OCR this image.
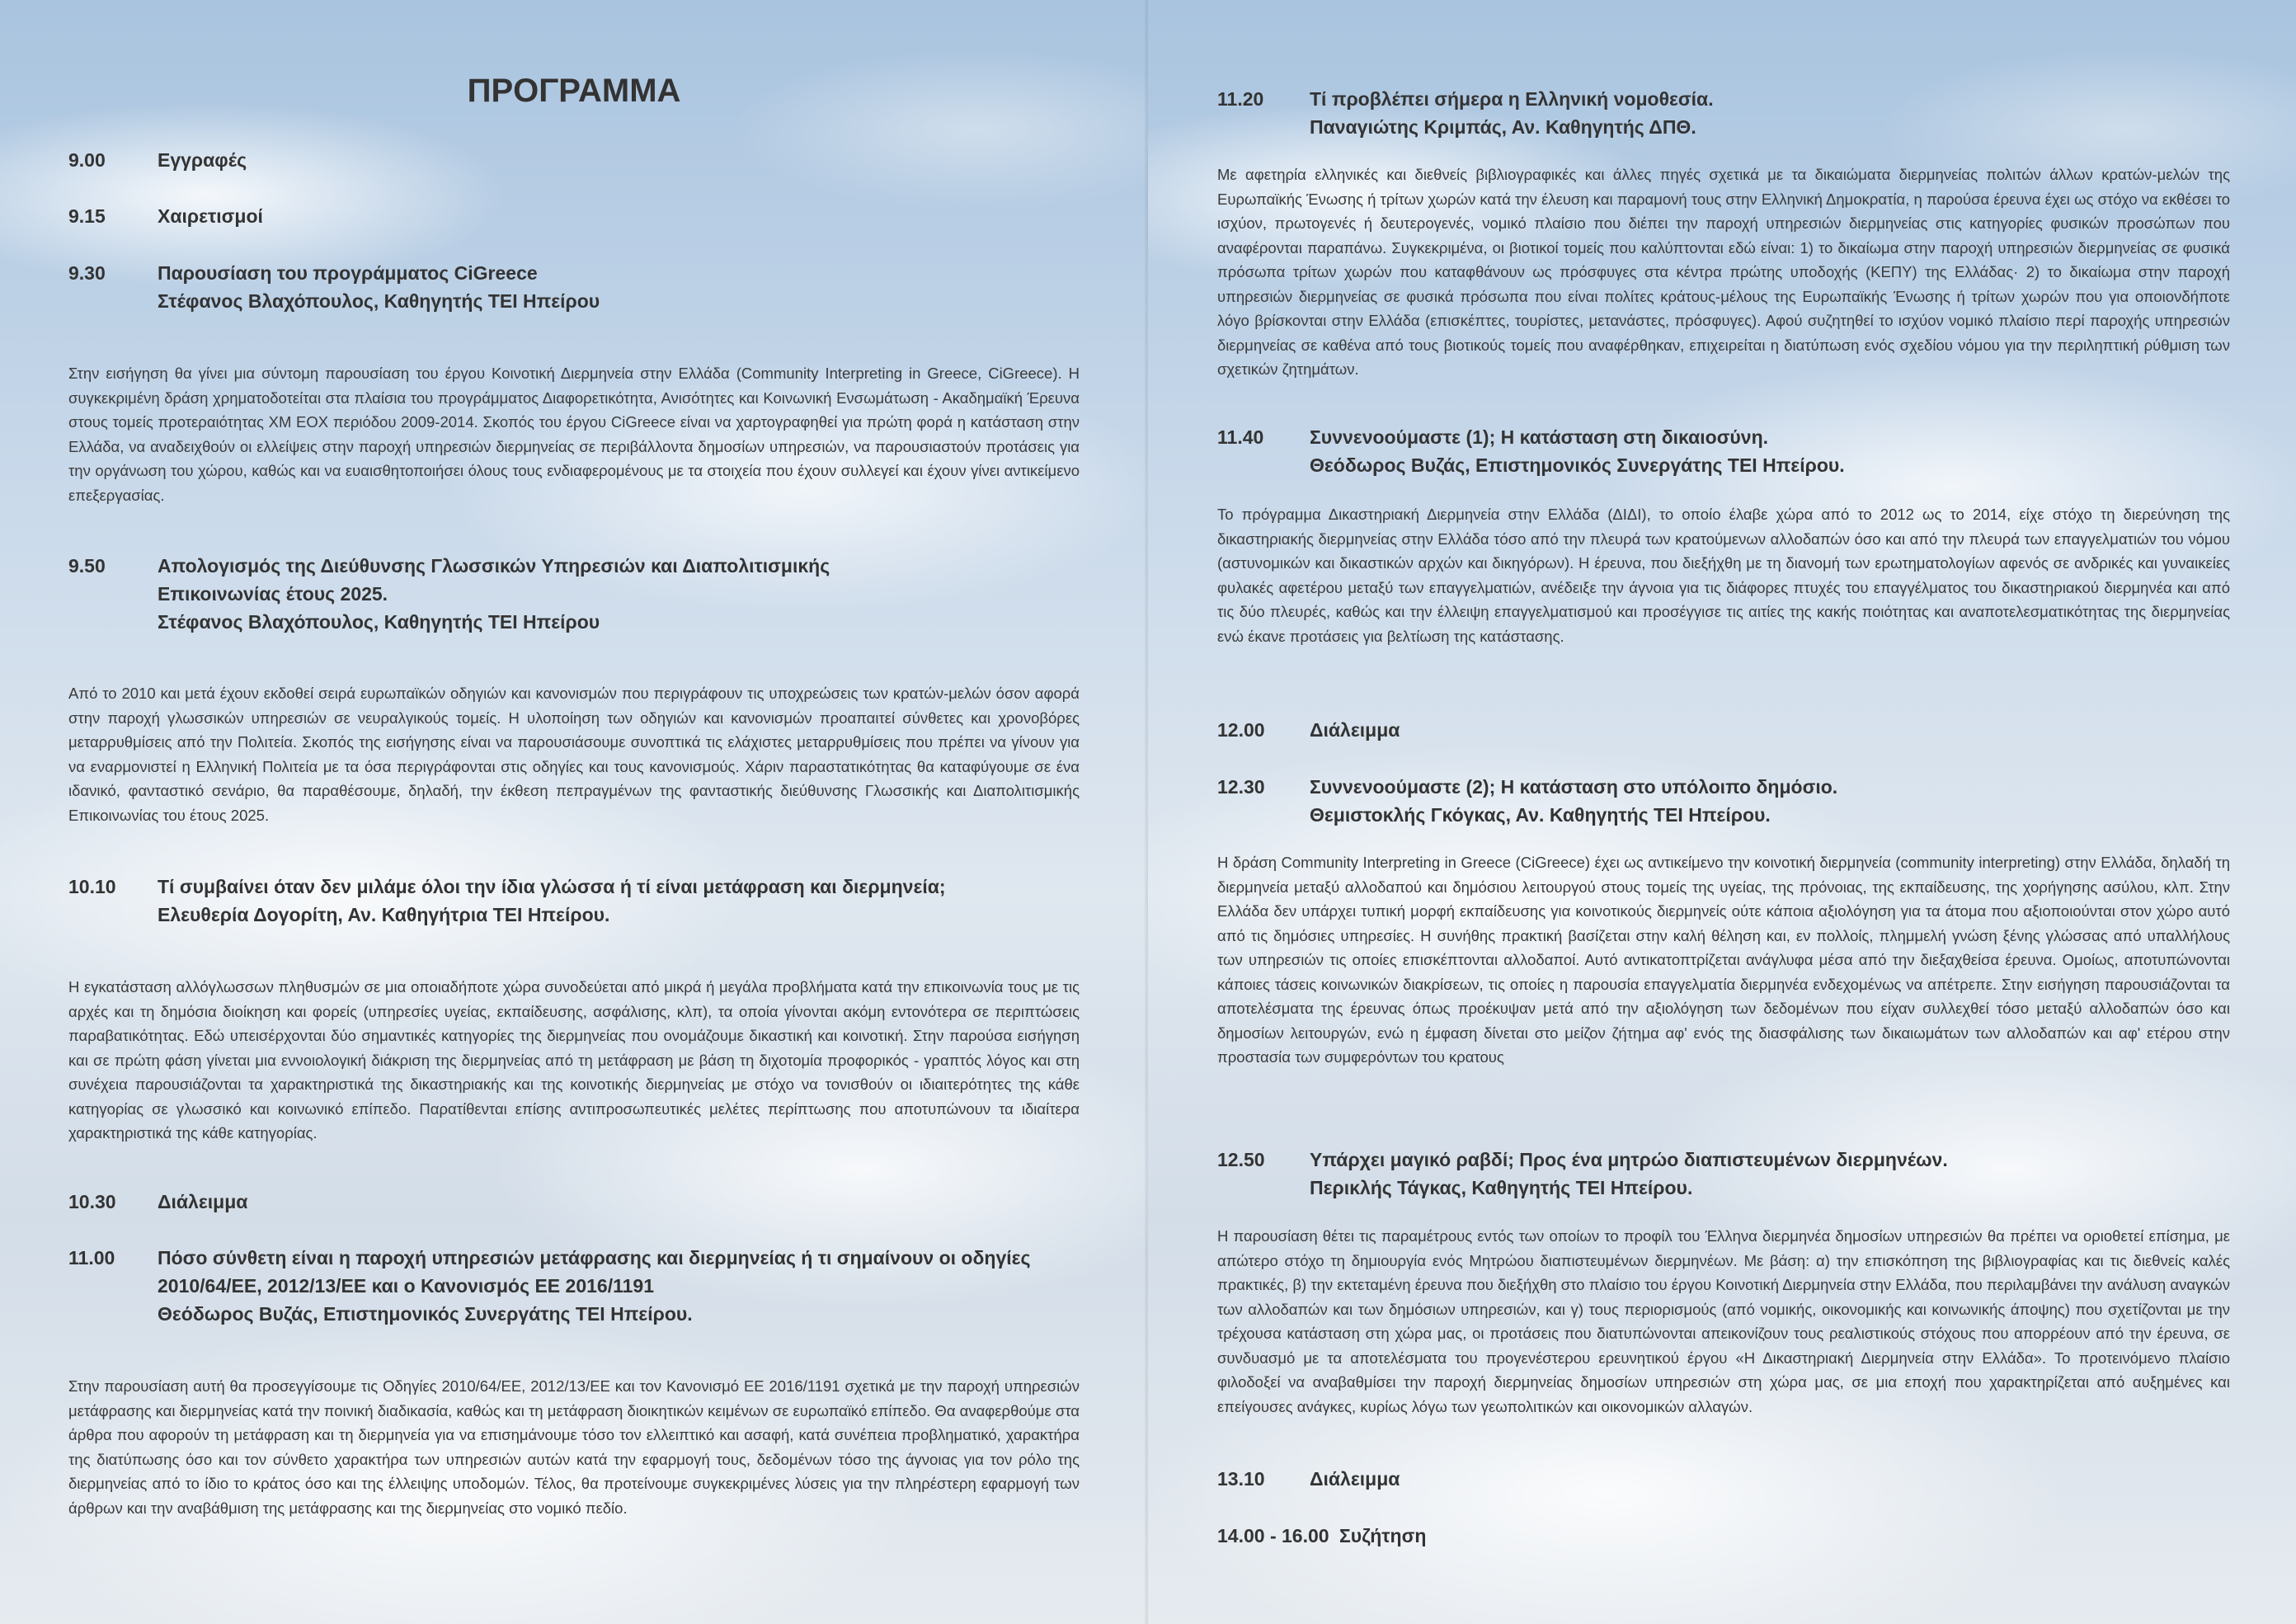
ΠΡΟΓΡΑΜΜΑ
9.00	Εγγραφές
9.15	Χαιρετισμοί
9.30	Παρουσίαση του προγράμματος CiGreece
Στέφανος Βλαχόπουλος, Καθηγητής ΤΕΙ Ηπείρου
Στην εισήγηση θα γίνει μια σύντομη παρουσίαση του έργου Κοινοτική Διερμηνεία στην Ελλάδα (Community Interpreting in Greece, CiGreece). Η συγκεκριμένη δράση χρηματοδοτείται στα πλαίσια του προγράμματος Διαφορετικότητα, Ανισότητες και Κοινωνική Ενσωμάτωση - Ακαδημαϊκή Έρευνα στους τομείς προτεραιότητας ΧΜ ΕΟΧ περιόδου 2009-2014. Σκοπός του έργου CiGreece είναι να χαρτογραφηθεί για πρώτη φορά η κατάσταση στην Ελλάδα, να αναδειχθούν οι ελλείψεις στην παροχή υπηρεσιών διερμηνείας σε περιβάλλοντα δημοσίων υπηρεσιών, να παρουσιαστούν προτάσεις για την οργάνωση του χώρου, καθώς και να ευαισθητοποιήσει όλους τους ενδιαφερομένους με τα στοιχεία που έχουν συλλεγεί και έχουν γίνει αντικείμενο επεξεργασίας.
9.50	Απολογισμός της Διεύθυνσης Γλωσσικών Υπηρεσιών και Διαπολιτισμικής
Επικοινωνίας έτους 2025.
Στέφανος Βλαχόπουλος, Καθηγητής ΤΕΙ Ηπείρου
Από το 2010 και μετά έχουν εκδοθεί σειρά ευρωπαϊκών οδηγιών και κανονισμών που περιγράφουν τις υποχρεώσεις των κρατών-μελών όσον αφορά στην παροχή γλωσσικών υπηρεσιών σε νευραλγικούς τομείς. Η υλοποίηση των οδηγιών και κανονισμών προαπαιτεί σύνθετες και χρονοβόρες μεταρρυθμίσεις από την Πολιτεία. Σκοπός της εισήγησης είναι να παρουσιάσουμε συνοπτικά τις ελάχιστες μεταρρυθμίσεις που πρέπει να γίνουν για να εναρμονιστεί η Ελληνική Πολιτεία με τα όσα περιγράφονται στις οδηγίες και τους κανονισμούς. Χάριν παραστατικότητας θα καταφύγουμε σε ένα ιδανικό, φανταστικό σενάριο, θα παραθέσουμε, δηλαδή, την έκθεση πεπραγμένων της φανταστικής διεύθυνσης Γλωσσικής και Διαπολιτισμικής Επικοινωνίας του έτους 2025.
10.10 Τί συμβαίνει όταν δεν μιλάμε όλοι την ίδια γλώσσα ή τί είναι μετάφραση και διερμηνεία;
Ελευθερία Δογορίτη, Αν. Καθηγήτρια ΤΕΙ Ηπείρου.
Η εγκατάσταση αλλόγλωσσων πληθυσμών σε μια οποιαδήποτε χώρα συνοδεύεται από μικρά ή μεγάλα προβλήματα κατά την επικοινωνία τους με τις αρχές και τη δημόσια διοίκηση και φορείς (υπηρεσίες υγείας, εκπαίδευσης, ασφάλισης, κλπ), τα οποία γίνονται ακόμη εντονότερα σε περιπτώσεις παραβατικότητας. Εδώ υπεισέρχονται δύο σημαντικές κατηγορίες της διερμηνείας που ονομάζουμε δικαστική και κοινοτική. Στην παρούσα εισήγηση και σε πρώτη φάση γίνεται μια εννοιολογική διάκριση της διερμηνείας από τη μετάφραση με βάση τη διχοτομία προφορικός - γραπτός λόγος και στη συνέχεια παρουσιάζονται τα χαρακτηριστικά της δικαστηριακής και της κοινοτικής διερμηνείας με στόχο να τονισθούν οι ιδιαιτερότητες της κάθε κατηγορίας σε γλωσσικό και κοινωνικό επίπεδο. Παρατίθενται επίσης αντιπροσωπευτικές μελέτες περίπτωσης που αποτυπώνουν τα ιδιαίτερα χαρακτηριστικά της κάθε κατηγορίας.
10.30 Διάλειμμα
11.00 Πόσο σύνθετη είναι η παροχή υπηρεσιών μετάφρασης και διερμηνείας ή τι σημαίνουν οι οδηγίες
2010/64/ΕΕ, 2012/13/ΕΕ και ο Κανονισμός ΕΕ 2016/1191
Θεόδωρος Βυζάς, Επιστημονικός Συνεργάτης ΤΕΙ Ηπείρου.
Στην παρουσίαση αυτή θα προσεγγίσουμε τις Οδηγίες 2010/64/ΕΕ, 2012/13/ΕΕ και τον Κανονισμό ΕΕ 2016/1191 σχετικά με την παροχή υπηρεσιών μετάφρασης και διερμηνείας κατά την ποινική διαδικασία, καθώς και τη μετάφραση διοικητικών κειμένων σε ευρωπαϊκό επίπεδο. Θα αναφερθούμε στα άρθρα που αφορούν τη μετάφραση και τη διερμηνεία για να επισημάνουμε τόσο τον ελλειπτικό και ασαφή, κατά συνέπεια προβληματικό, χαρακτήρα της διατύπωσης όσο και τον σύνθετο χαρακτήρα των υπηρεσιών αυτών κατά την εφαρμογή τους, δεδομένων τόσο της άγνοιας για τον ρόλο της διερμηνείας από το ίδιο το κράτος όσο και της έλλειψης υποδομών. Τέλος, θα προτείνουμε συγκεκριμένες λύσεις για την πληρέστερη εφαρμογή των άρθρων και την αναβάθμιση της μετάφρασης και της διερμηνείας στο νομικό πεδίο.
11.20 Τί προβλέπει σήμερα η Ελληνική νομοθεσία.
Παναγιώτης Κριμπάς, Αν. Καθηγητής ΔΠΘ.
Με αφετηρία ελληνικές και διεθνείς βιβλιογραφικές και άλλες πηγές σχετικά με τα δικαιώματα διερμηνείας πολιτών άλλων κρατών-μελών της Ευρωπαϊκής Ένωσης ή τρίτων χωρών κατά την έλευση και παραμονή τους στην Ελληνική Δημοκρατία, η παρούσα έρευνα έχει ως στόχο να εκθέσει το ισχύον, πρωτογενές ή δευτερογενές, νομικό πλαίσιο που διέπει την παροχή υπηρεσιών διερμηνείας στις κατηγορίες φυσικών προσώπων που αναφέρονται παραπάνω. Συγκεκριμένα, οι βιοτικοί τομείς που καλύπτονται εδώ είναι: 1) το δικαίωμα στην παροχή υπηρεσιών διερμηνείας σε φυσικά πρόσωπα τρίτων χωρών που καταφθάνουν ως πρόσφυγες στα κέντρα πρώτης υποδοχής (ΚΕΠΥ) της Ελλάδας· 2) το δικαίωμα στην παροχή υπηρεσιών διερμηνείας σε φυσικά πρόσωπα που είναι πολίτες κράτους-μέλους της Ευρωπαϊκής Ένωσης ή τρίτων χωρών που για οποιονδήποτε λόγο βρίσκονται στην Ελλάδα (επισκέπτες, τουρίστες, μετανάστες, πρόσφυγες). Αφού συζητηθεί το ισχύον νομικό πλαίσιο περί παροχής υπηρεσιών διερμηνείας σε καθένα από τους βιοτικούς τομείς που αναφέρθηκαν, επιχειρείται η διατύπωση ενός σχεδίου νόμου για την περιληπτική ρύθμιση των σχετικών ζητημάτων.
11.40 Συννενοούμαστε (1); Η κατάσταση στη δικαιοσύνη.
Θεόδωρος Βυζάς, Επιστημονικός Συνεργάτης ΤΕΙ Ηπείρου.
Το πρόγραμμα Δικαστηριακή Διερμηνεία στην Ελλάδα (ΔΙΔΙ), το οποίο έλαβε χώρα από το 2012 ως το 2014, είχε στόχο τη διερεύνηση της δικαστηριακής διερμηνείας στην Ελλάδα τόσο από την πλευρά των κρατούμενων αλλοδαπών όσο και από την πλευρά των επαγγελματιών του νόμου (αστυνομικών και δικαστικών αρχών και δικηγόρων). Η έρευνα, που διεξήχθη με τη διανομή των ερωτηματολογίων αφενός σε ανδρικές και γυναικείες φυλακές αφετέρου μεταξύ των επαγγελματιών, ανέδειξε την άγνοια για τις διάφορες πτυχές του επαγγέλματος του δικαστηριακού διερμηνέα και από τις δύο πλευρές, καθώς και την έλλειψη επαγγελματισμού και προσέγγισε τις αιτίες της κακής ποιότητας και αναποτελεσματικότητας της διερμηνείας ενώ έκανε προτάσεις για βελτίωση της κατάστασης.
12.00 Διάλειμμα
12.30 Συννενοούμαστε (2); Η κατάσταση στο υπόλοιπο δημόσιο.
Θεμιστοκλής Γκόγκας, Αν. Καθηγητής ΤΕΙ Ηπείρου.
Η δράση Community Interpreting in Greece (CiGreece) έχει ως αντικείμενο την κοινοτική διερμηνεία (community interpreting) στην Ελλάδα, δηλαδή τη διερμηνεία μεταξύ αλλοδαπού και δημόσιου λειτουργού στους τομείς της υγείας, της πρόνοιας, της εκπαίδευσης, της χορήγησης ασύλου, κλπ. Στην Ελλάδα δεν υπάρχει τυπική μορφή εκπαίδευσης για κοινοτικούς διερμηνείς ούτε κάποια αξιολόγηση για τα άτομα που αξιοποιούνται στον χώρο αυτό από τις δημόσιες υπηρεσίες. Η συνήθης πρακτική βασίζεται στην καλή θέληση και, εν πολλοίς, πλημμελή γνώση ξένης γλώσσας από υπαλλήλους των υπηρεσιών τις οποίες επισκέπτονται αλλοδαποί. Αυτό αντικατοπτρίζεται ανάγλυφα μέσα από την διεξαχθείσα έρευνα. Ομοίως, αποτυπώνονται κάποιες τάσεις κοινωνικών διακρίσεων, τις οποίες η παρουσία επαγγελματία διερμηνέα ενδεχομένως να απέτρεπε. Στην εισήγηση παρουσιάζονται τα αποτελέσματα της έρευνας όπως προέκυψαν μετά από την αξιολόγηση των δεδομένων που είχαν συλλεχθεί τόσο μεταξύ αλλοδαπών όσο και δημοσίων λειτουργών, ενώ η έμφαση δίνεται στο μείζον ζήτημα αφ' ενός της διασφάλισης των δικαιωμάτων των αλλοδαπών και αφ' ετέρου στην προστασία των συμφερόντων του κρατους
12.50 Υπάρχει μαγικό ραβδί; Προς ένα μητρώο διαπιστευμένων διερμηνέων.
Περικλής Τάγκας, Καθηγητής ΤΕΙ Ηπείρου.
Η παρουσίαση θέτει τις παραμέτρους εντός των οποίων το προφίλ του Έλληνα διερμηνέα δημοσίων υπηρεσιών θα πρέπει να οριοθετεί επίσημα, με απώτερο στόχο τη δημιουργία ενός Μητρώου διαπιστευμένων διερμηνέων. Με βάση: α) την επισκόπηση της βιβλιογραφίας και τις διεθνείς καλές πρακτικές, β) την εκτεταμένη έρευνα που διεξήχθη στο πλαίσιο του έργου Κοινοτική Διερμηνεία στην Ελλάδα, που περιλαμβάνει την ανάλυση αναγκών των αλλοδαπών και των δημόσιων υπηρεσιών, και γ) τους περιορισμούς (από νομικής, οικονομικής και κοινωνικής άποψης) που σχετίζονται με την τρέχουσα κατάσταση στη χώρα μας, οι προτάσεις που διατυπώνονται απεικονίζουν τους ρεαλιστικούς στόχους που απορρέουν από την έρευνα, σε συνδυασμό με τα αποτελέσματα του προγενέστερου ερευνητικού έργου «Η Δικαστηριακή Διερμηνεία στην Ελλάδα». Το προτεινόμενο πλαίσιο φιλοδοξεί να αναβαθμίσει την παροχή διερμηνείας δημοσίων υπηρεσιών στη χώρα μας, σε μια εποχή που χαρακτηρίζεται από αυξημένες και επείγουσες ανάγκες, κυρίως λόγω των γεωπολιτικών και οικονομικών αλλαγών.
13.10 Διάλειμμα
14.00 - 16.00 Συζήτηση
